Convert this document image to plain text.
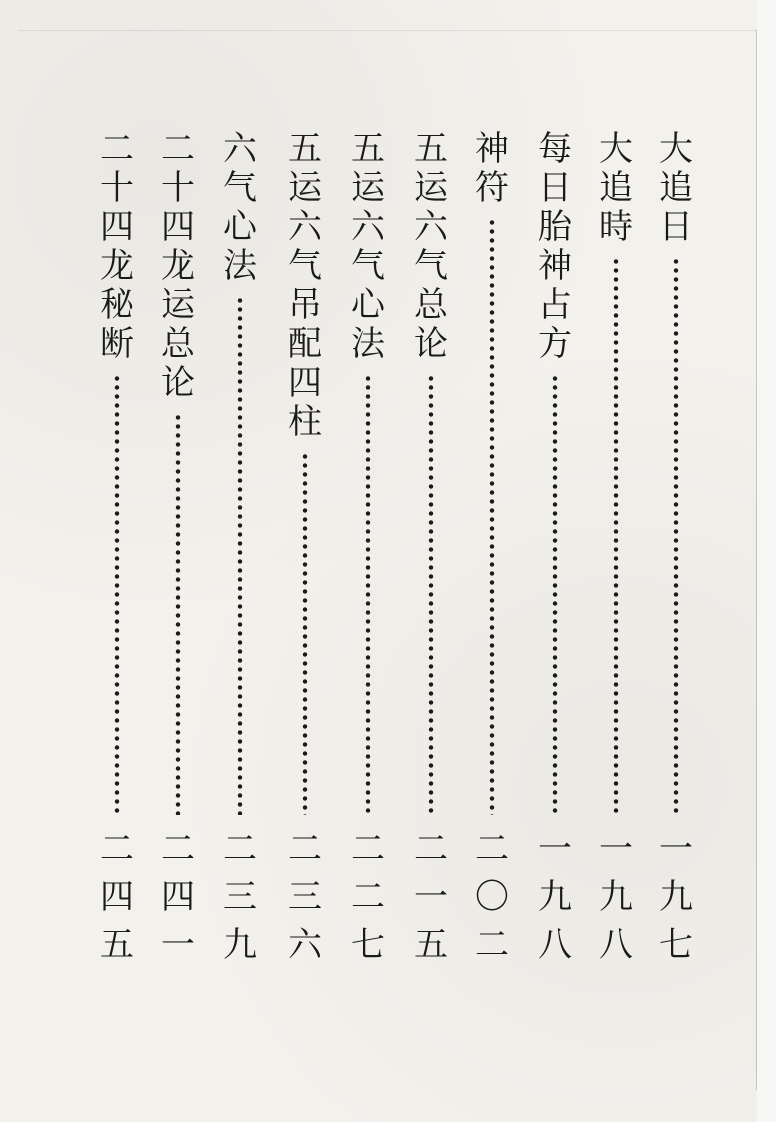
大
追
日
一
九
七
大
追
時
一
九
八
每
日
胎
神
占
方
一
九
八
神
符
二
〇
二
五
运
六
气
总
论
二
一
五
五
运
六
气
心
法
二
二
七
五
运
六
气
吊
配
四
柱
二
三
六
六
气
心
法
二
三
九
二
十
四
龙
运
总
论
二
四
一
二
十
四
龙
秘
断
二
四
五
